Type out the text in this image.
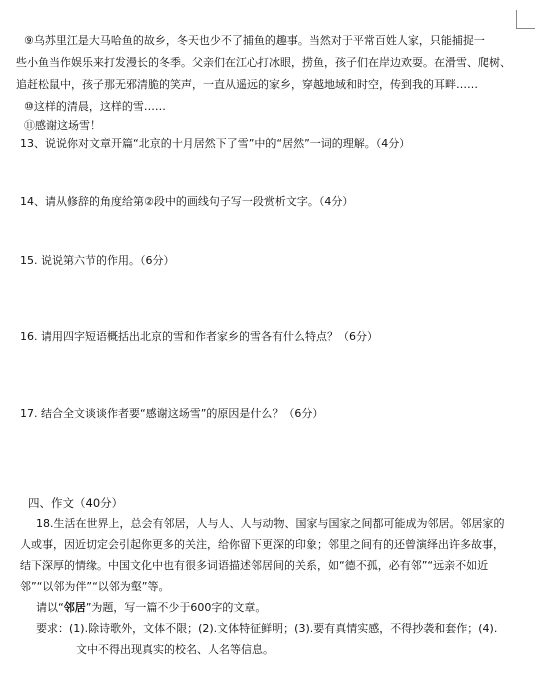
⑨乌苏里江是大马哈鱼的故乡，冬天也少不了捕鱼的趣事。当然对于平常百姓人家，只能捕捉一
些小鱼当作娱乐来打发漫长的冬季。父亲们在江心打冰眼，捞鱼，孩子们在岸边欢耍。在滑雪、爬树、
追赶松鼠中，孩子那无邪清脆的笑声，一直从遥远的家乡，穿越地域和时空，传到我的耳畔……
⑩这样的清晨，这样的雪……
⑪感谢这场雪！
13、说说你对文章开篇“北京的十月居然下了雪”中的“居然”一词的理解。（4分）
14、请从修辞的角度给第②段中的画线句子写一段赏析文字。（4分）
15. 说说第六节的作用。（6分）
16. 请用四字短语概括出北京的雪和作者家乡的雪各有什么特点？（6分）
17. 结合全文谈谈作者要“感谢这场雪”的原因是什么？（6分）
四、作文（40分）
18.生活在世界上，总会有邻居，人与人、人与动物、国家与国家之间都可能成为邻居。邻居家的
人或事，因近切定会引起你更多的关注，给你留下更深的印象；邻里之间有的还曾演绎出许多故事，
结下深厚的情缘。中国文化中也有很多词语描述邻居间的关系，如“德不孤，必有邻”“远亲不如近
邻”“以邻为伴”“以邻为壑”等。
请以“邻居”为题，写一篇不少于600字的文章。
要求：(1).除诗歌外，文体不限；(2).文体特征鲜明；(3).要有真情实感，不得抄袭和套作；(4).
文中不得出现真实的校名、人名等信息。
